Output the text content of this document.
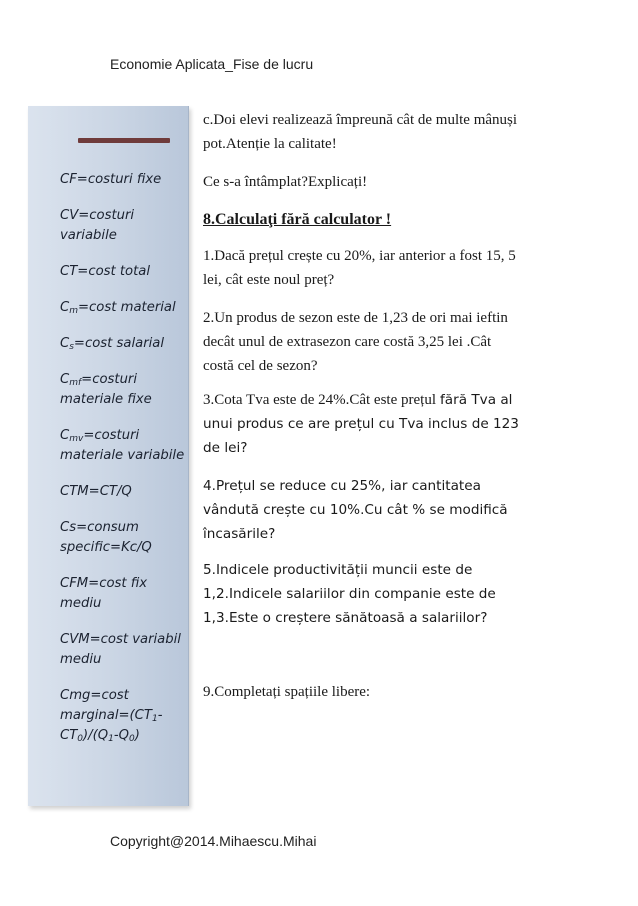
Economie Aplicata_Fise de lucru
CF=costuri fixe
CV=costuri variabile
CT=cost total
$C_m=\cos t$ material
$C_s=\cos t$ salarial
$C_{mf}=costuri$ materiale fixe
$C_{mv}=costuri$ materiale variabile
CTM=CT/Q
Cs=consum specific=Kc/Q
CFM=cost fix mediu
CVM=cost variabil mediu
Cmg=cost $marginal=(CT_1-CT_0)/(Q_1-Q_0)$

c.Doi elevi realizează împreună cât de multe mânuși pot.Atenție la calitate!

Ce s-a întâmplat?Explicați!

8.Calculaţi fără calculator !

1.Dacă prețul crește cu 20%, iar anterior a fost 15, 5 lei, cât este noul preț?

2.Un produs de sezon este de 1,23 de ori mai ieftin decât unul de extrasezon care costă 3,25 lei .Cât costă cel de sezon?

3.Cota Tva este de 24%.Cât este prețul fără Tva al unui produs ce are prețul cu Tva inclus de 123 de lei?

4.Prețul se reduce cu 25%, iar cantitatea vândută crește cu 10%.Cu cât % se modifică încasările?

5.Indicele productivității muncii este de 1,2.Indicele salariilor din companie este de 1,3.Este o creștere sănătoasă a salariilor?

9.Completați spațiile libere:

Copyright@2014.Mihaescu.Mihai
